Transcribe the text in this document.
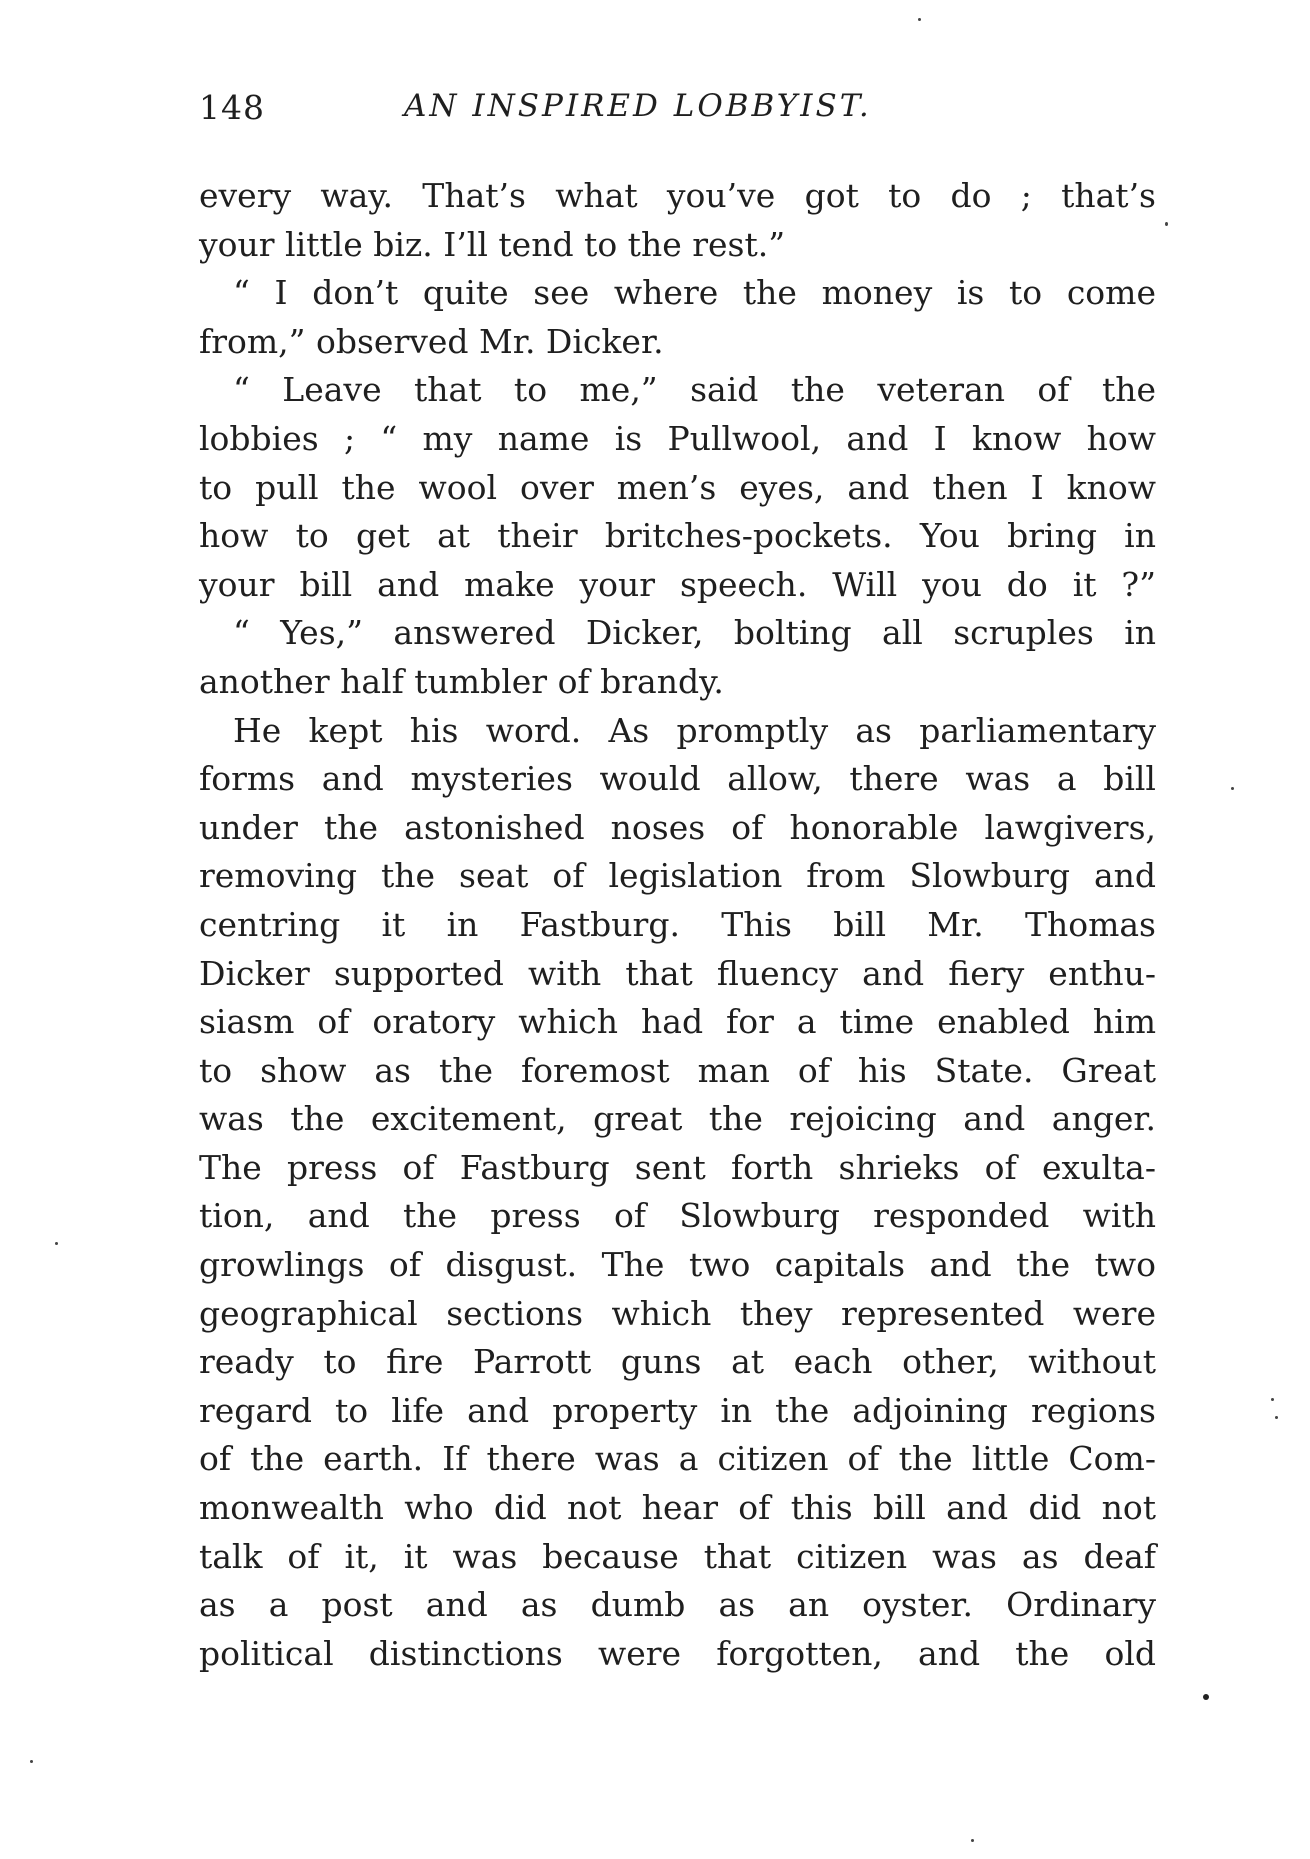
148	AN INSPIRED LOBBYIST.
every way. That’s what you’ve got to do ; that’s
your little biz. I’ll tend to the rest.”
“ I don’t quite see where the money is to come
from,” observed Mr. Dicker.
“ Leave that to me,” said the veteran of the
lobbies ; “ my name is Pullwool, and I know how
to pull the wool over men’s eyes, and then I know
how to get at their britches-pockets. You bring in
your bill and make your speech. Will you do it ?”
“ Yes,” answered Dicker, bolting all scruples in
another half tumbler of brandy.
He kept his word. As promptly as parliamentary
forms and mysteries would allow, there was a bill
under the astonished noses of honorable lawgivers,
removing the seat of legislation from Slowburg and
centring it in Fastburg. This bill Mr. Thomas
Dicker supported with that fluency and fiery enthu-
siasm of oratory which had for a time enabled him
to show as the foremost man of his State. Great
was the excitement, great the rejoicing and anger.
The press of Fastburg sent forth shrieks of exulta-
tion, and the press of Slowburg responded with
growlings of disgust. The two capitals and the two
geographical sections which they represented were
ready to fire Parrott guns at each other, without
regard to life and property in the adjoining regions
of the earth. If there was a citizen of the little Com-
monwealth who did not hear of this bill and did not
talk of it, it was because that citizen was as deaf
as a post and as dumb as an oyster. Ordinary
political distinctions were forgotten, and the old
